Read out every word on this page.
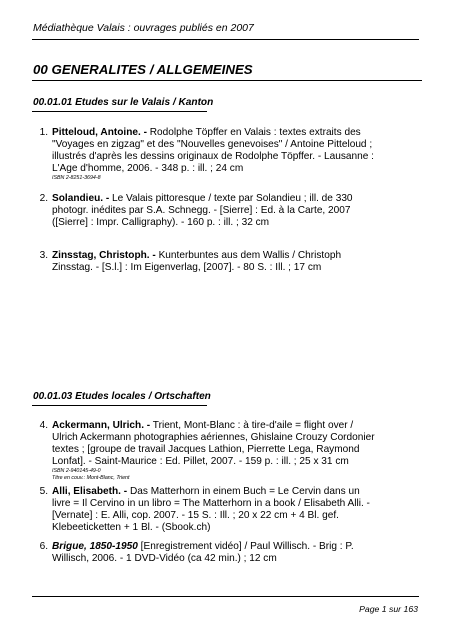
Médiathèque Valais : ouvrages publiés en 2007
00 GENERALITES / ALLGEMEINES
00.01.01 Etudes sur le Valais / Kanton
00.01.03 Etudes locales / Ortschaften
1. Pitteloud, Antoine. - Rodolphe Töpffer en Valais : textes extraits des
"Voyages en zigzag" et des "Nouvelles genevoises" / Antoine Pitteloud ;
illustrés d'après les dessins originaux de Rodolphe Töpffer. - Lausanne :
L'Age d'homme, 2006. - 348 p. : ill. ; 24 cm
ISBN 2-8251-3694-8
2. Solandieu. - Le Valais pittoresque / texte par Solandieu ; ill. de 330
photogr. inédites par S.A. Schnegg. - [Sierre] : Ed. à la Carte, 2007
([Sierre] : Impr. Calligraphy). - 160 p. : ill. ; 32 cm
3. Zinsstag, Christoph. - Kunterbuntes aus dem Wallis / Christoph
Zinsstag. - [S.l.] : Im Eigenverlag, [2007]. - 80 S. : Ill. ; 17 cm
4. Ackermann, Ulrich. - Trient, Mont-Blanc : à tire-d'aile = flight over /
Ulrich Ackermann photographies aériennes, Ghislaine Crouzy Cordonier
textes ; [groupe de travail Jacques Lathion, Pierrette Lega, Raymond
Lonfat]. - Saint-Maurice : Ed. Pillet, 2007. - 159 p. : ill. ; 25 x 31 cm
ISBN 2-940145-49-0
Titre en couv.: Mont-Blanc, Trient
5. Alli, Elisabeth. - Das Matterhorn in einem Buch = Le Cervin dans un
livre = Il Cervino in un libro = The Matterhorn in a book / Elisabeth Alli. -
[Vernate] : E. Alli, cop. 2007. - 15 S. : Ill. ; 20 x 22 cm + 4 Bl. gef.
Klebeeticketten + 1 Bl. - (Sbook.ch)
6. Brigue, 1850-1950 [Enregistrement vidéo] / Paul Willisch. - Brig : P.
Willisch, 2006. - 1 DVD-Vidéo (ca 42 min.) ; 12 cm
Page 1 sur 163
